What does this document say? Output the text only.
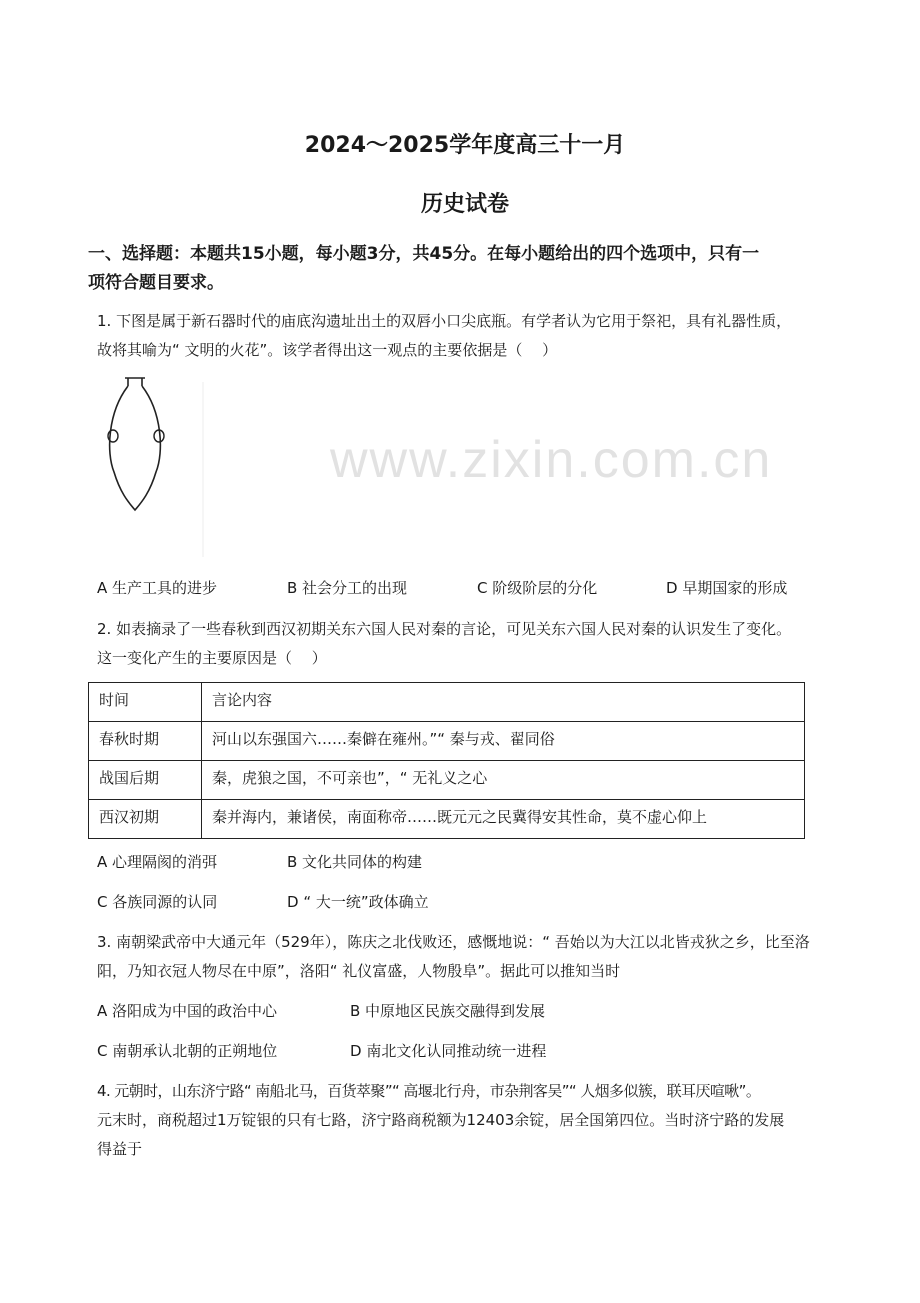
www.zixin.com.cn
2024～2025学年度高三十一月
历史试卷
一、选择题：本题共15小题，每小题3分，共45分。在每小题给出的四个选项中，只有一
项符合题目要求。
1. 下图是属于新石器时代的庙底沟遗址出土的双唇小口尖底瓶。有学者认为它用于祭祀，具有礼器性质，
故将其喻为“ 文明的火花”。该学者得出这一观点的主要依据是（　 ）
A 生产工具的进步	B 社会分工的出现	C 阶级阶层的分化	D 早期国家的形成
2. 如表摘录了一些春秋到西汉初期关东六国人民对秦的言论，可见关东六国人民对秦的认识发生了变化。
这一变化产生的主要原因是（　 ）
时间	言论内容
春秋时期	河山以东强国六……秦僻在雍州。”“ 秦与戎、翟同俗
战国后期	秦，虎狼之国，不可亲也”，“ 无礼义之心
西汉初期	秦并海内，兼诸侯，南面称帝……既元元之民冀得安其性命，莫不虚心仰上
A 心理隔阂的消弭	B 文化共同体的构建
C 各族同源的认同	D “ 大一统”政体确立
3. 南朝梁武帝中大通元年（529年），陈庆之北伐败还，感慨地说：“ 吾始以为大江以北皆戎狄之乡，比至洛
阳，乃知衣冠人物尽在中原”，洛阳“ 礼仪富盛，人物殷阜”。据此可以推知当时
A 洛阳成为中国的政治中心	B 中原地区民族交融得到发展
C 南朝承认北朝的正朔地位	D 南北文化认同推动统一进程
4. 元朝时，山东济宁路“ 南船北马，百货萃聚”“ 高堰北行舟，市杂荆客吴”“ 人烟多似簇，联耳厌喧啾”。
元末时，商税超过1万锭银的只有七路，济宁路商税额为12403余锭，居全国第四位。当时济宁路的发展
得益于
